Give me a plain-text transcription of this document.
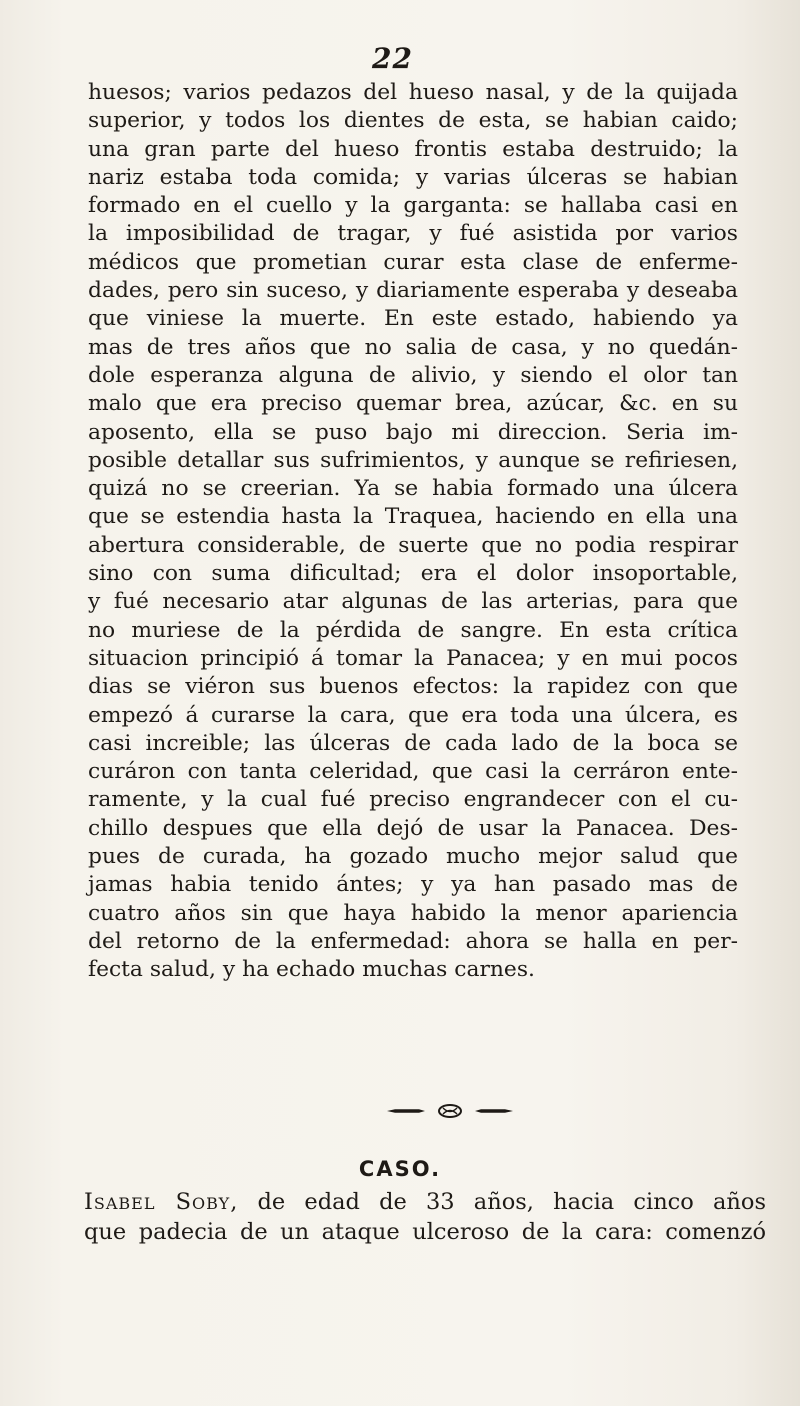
22
huesos; varios pedazos del hueso nasal, y de la quijada
superior, y todos los dientes de esta, se habian caido;
una gran parte del hueso frontis estaba destruido; la
nariz estaba toda comida; y varias úlceras se habian
formado en el cuello y la garganta: se hallaba casi en
la imposibilidad de tragar, y fué asistida por varios
médicos que prometian curar esta clase de enferme-
dades, pero sin suceso, y diariamente esperaba y deseaba
que viniese la muerte. En este estado, habiendo ya
mas de tres años que no salia de casa, y no quedán-
dole esperanza alguna de alivio, y siendo el olor tan
malo que era preciso quemar brea, azúcar, &c. en su
aposento, ella se puso bajo mi direccion. Seria im-
posible detallar sus sufrimientos, y aunque se refiriesen,
quizá no se creerian. Ya se habia formado una úlcera
que se estendia hasta la Traquea, haciendo en ella una
abertura considerable, de suerte que no podia respirar
sino con suma dificultad; era el dolor insoportable,
y fué necesario atar algunas de las arterias, para que
no muriese de la pérdida de sangre. En esta crítica
situacion principió á tomar la Panacea; y en mui pocos
dias se viéron sus buenos efectos: la rapidez con que
empezó á curarse la cara, que era toda una úlcera, es
casi increible; las úlceras de cada lado de la boca se
curáron con tanta celeridad, que casi la cerráron ente-
ramente, y la cual fué preciso engrandecer con el cu-
chillo despues que ella dejó de usar la Panacea. Des-
pues de curada, ha gozado mucho mejor salud que
jamas habia tenido ántes; y ya han pasado mas de
cuatro años sin que haya habido la menor apariencia
del retorno de la enfermedad: ahora se halla en per-
fecta salud, y ha echado muchas carnes.
CASO.
Isabel Soby, de edad de 33 años, hacia cinco años
que padecia de un ataque ulceroso de la cara: comenzó
